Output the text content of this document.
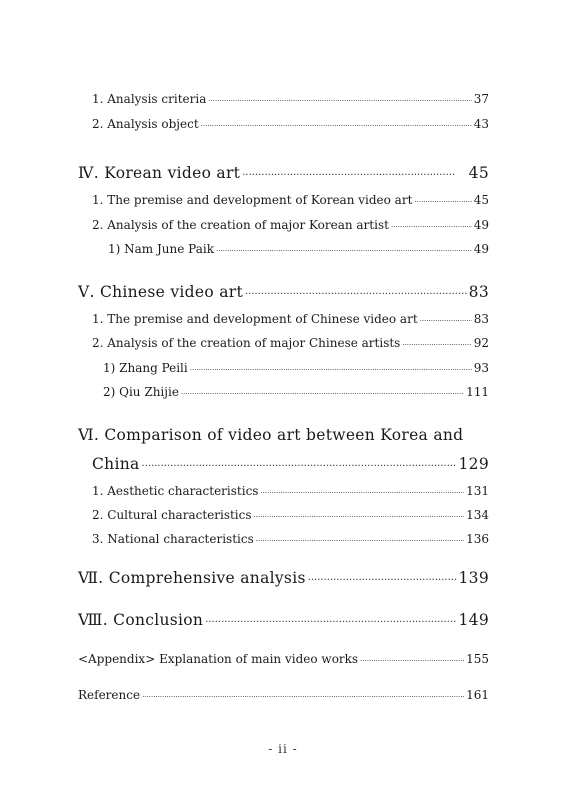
1. Analysis criteria ·····	37
2. Analysis object ·····	43
Ⅳ. Korean video art ·····	45
1. The premise and development of Korean video art ·····	45
2. Analysis of the creation of major Korean artist ·····	49
1) Nam June Paik ·····	49
Ⅴ. Chinese video art ·····	83
1. The premise and development of Chinese video art ·····	83
2. Analysis of the creation of major Chinese artists ·····	92
1) Zhang Peili ·····	93
2) Qiu Zhijie ·····	111
Ⅵ. Comparison of video art between Korea and
China ·····	129
1. Aesthetic characteristics ·····	131
2. Cultural characteristics ·····	134
3. National characteristics ·····	136
Ⅶ. Comprehensive analysis ·····	139
Ⅷ. Conclusion ·····	149
<Appendix> Explanation of main video works ·····	155
Reference ·····	161
- ii -
